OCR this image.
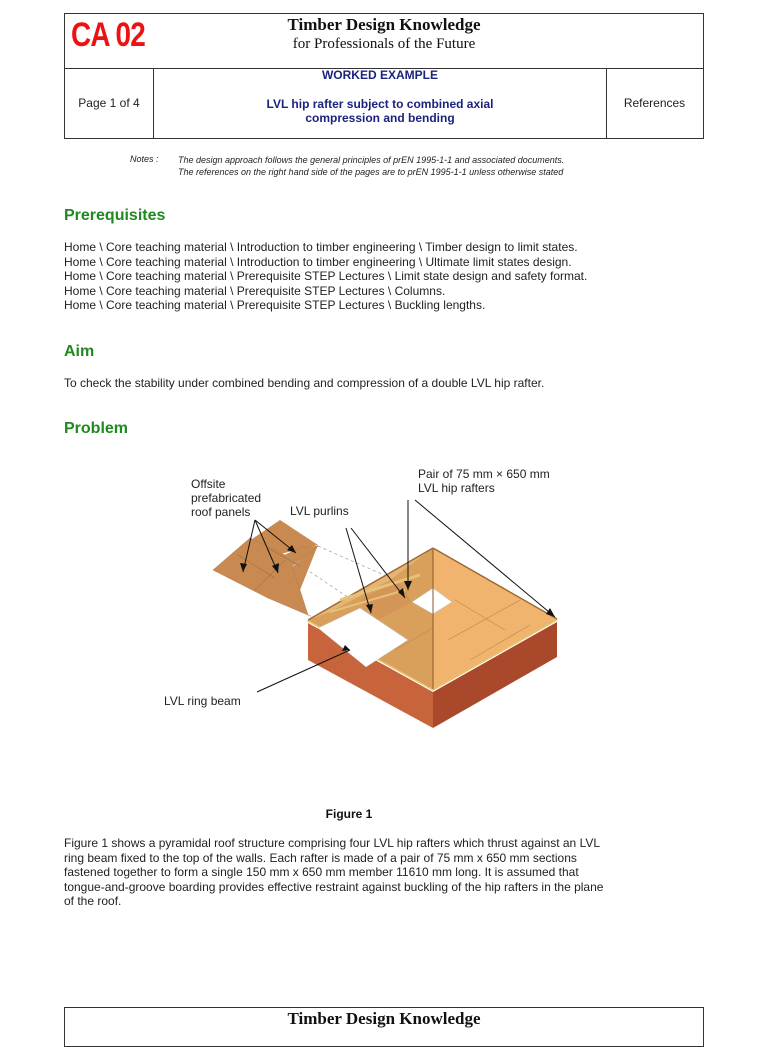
CA 02	Timber Design Knowledge
for Professionals of the Future
Page 1 of 4
WORKED EXAMPLE
LVL hip rafter subject to combined axial
compression and bending
References
Notes : The design approach follows the general principles of prEN 1995-1-1 and associated documents.
The references on the right hand side of the pages are to prEN 1995-1-1 unless otherwise stated
Prerequisites
Home \ Core teaching material \ Introduction to timber engineering \ Timber design to limit states.
Home \ Core teaching material \ Introduction to timber engineering \ Ultimate limit states design.
Home \ Core teaching material \ Prerequisite STEP Lectures \ Limit state design and safety format.
Home \ Core teaching material \ Prerequisite STEP Lectures \ Columns.
Home \ Core teaching material \ Prerequisite STEP Lectures \ Buckling lengths.
Aim
To check the stability under combined bending and compression of a double LVL hip rafter.
Problem
Offsite
prefabricated
roof panels	LVL purlins
Pair of 75 mm × 650 mm
LVL hip rafters
LVL ring beam
Figure 1
Figure 1 shows a pyramidal roof structure comprising four LVL hip rafters which thrust against an LVL
ring beam fixed to the top of the walls. Each rafter is made of a pair of 75 mm x 650 mm sections
fastened together to form a single 150 mm x 650 mm member 11610 mm long. It is assumed that
tongue-and-groove boarding provides effective restraint against buckling of the hip rafters in the plane
of the roof.
Timber Design Knowledge
